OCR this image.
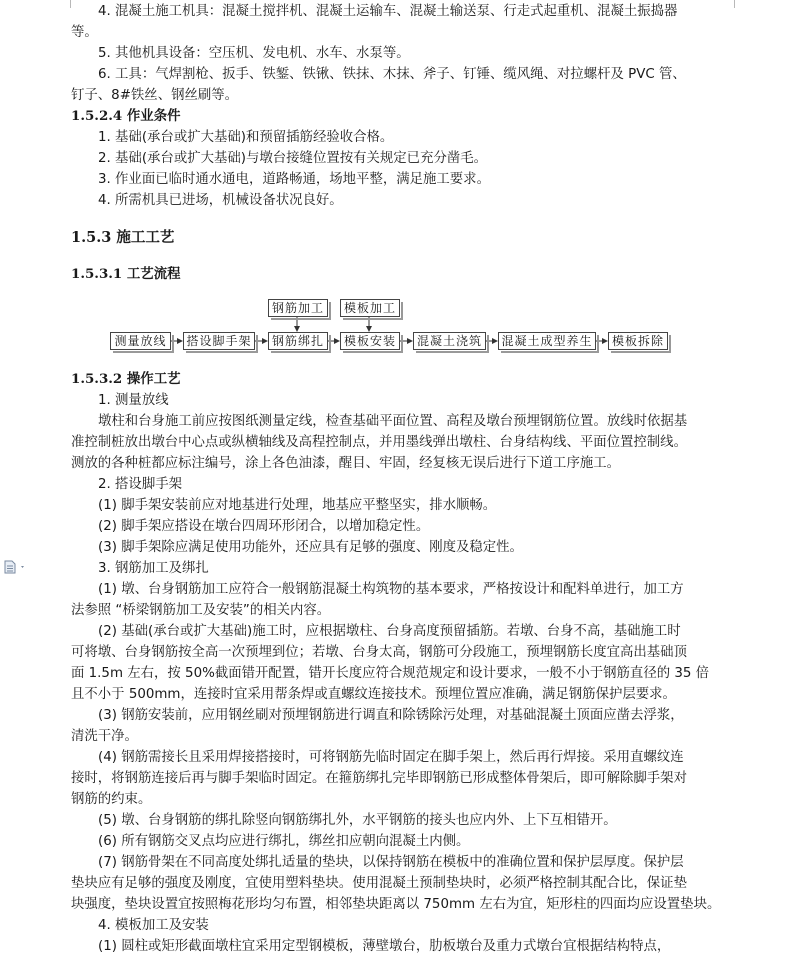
4. 混凝土施工机具：混凝土搅拌机、混凝土运输车、混凝土输送泵、行走式起重机、混凝土振捣器
等。
5. 其他机具设备：空压机、发电机、水车、水泵等。
6. 工具：气焊割枪、扳手、铁錾、铁锹、铁抹、木抹、斧子、钉锤、缆风绳、对拉螺杆及 PVC 管、
钉子、8#铁丝、钢丝刷等。
1.5.2.4 作业条件
1. 基础(承台或扩大基础)和预留插筋经验收合格。
2. 基础(承台或扩大基础)与墩台接缝位置按有关规定已充分凿毛。
3. 作业面已临时通水通电，道路畅通，场地平整，满足施工要求。
4. 所需机具已进场，机械设备状况良好。
1.5.3 施工工艺
1.5.3.1 工艺流程
钢筋加工	模板加工
测量放线	搭设脚手架	钢筋绑扎	模板安装	混凝土浇筑	混凝土成型养生	模板拆除
1.5.3.2 操作工艺
1. 测量放线
墩柱和台身施工前应按图纸测量定线，检查基础平面位置、高程及墩台预埋钢筋位置。放线时依据基
准控制桩放出墩台中心点或纵横轴线及高程控制点，并用墨线弹出墩柱、台身结构线、平面位置控制线。
测放的各种桩都应标注编号，涂上各色油漆，醒目、牢固，经复核无误后进行下道工序施工。
2. 搭设脚手架
(1) 脚手架安装前应对地基进行处理，地基应平整坚实，排水顺畅。
(2) 脚手架应搭设在墩台四周环形闭合，以增加稳定性。
(3) 脚手架除应满足使用功能外，还应具有足够的强度、刚度及稳定性。
3. 钢筋加工及绑扎
(1) 墩、台身钢筋加工应符合一般钢筋混凝土构筑物的基本要求，严格按设计和配料单进行，加工方
法参照 “桥梁钢筋加工及安装”的相关内容。
(2) 基础(承台或扩大基础)施工时，应根据墩柱、台身高度预留插筋。若墩、台身不高，基础施工时
可将墩、台身钢筋按全高一次预埋到位；若墩、台身太高，钢筋可分段施工，预埋钢筋长度宜高出基础顶
面 1.5m 左右，按 50%截面错开配置，错开长度应符合规范规定和设计要求，一般不小于钢筋直径的 35 倍
且不小于 500mm，连接时宜采用帮条焊或直螺纹连接技术。预埋位置应准确，满足钢筋保护层要求。
(3) 钢筋安装前，应用钢丝刷对预埋钢筋进行调直和除锈除污处理，对基础混凝土顶面应凿去浮浆，
清洗干净。
(4) 钢筋需接长且采用焊接搭接时，可将钢筋先临时固定在脚手架上，然后再行焊接。采用直螺纹连
接时，将钢筋连接后再与脚手架临时固定。在箍筋绑扎完毕即钢筋已形成整体骨架后，即可解除脚手架对
钢筋的约束。
(5) 墩、台身钢筋的绑扎除竖向钢筋绑扎外，水平钢筋的接头也应内外、上下互相错开。
(6) 所有钢筋交叉点均应进行绑扎，绑丝扣应朝向混凝土内侧。
(7) 钢筋骨架在不同高度处绑扎适量的垫块，以保持钢筋在模板中的准确位置和保护层厚度。保护层
垫块应有足够的强度及刚度，宜使用塑料垫块。使用混凝土预制垫块时，必须严格控制其配合比，保证垫
块强度，垫块设置宜按照梅花形均匀布置，相邻垫块距离以 750mm 左右为宜，矩形柱的四面均应设置垫块。
4. 模板加工及安装
(1) 圆柱或矩形截面墩柱宜采用定型钢模板，薄壁墩台，肋板墩台及重力式墩台宜根据结构特点，
